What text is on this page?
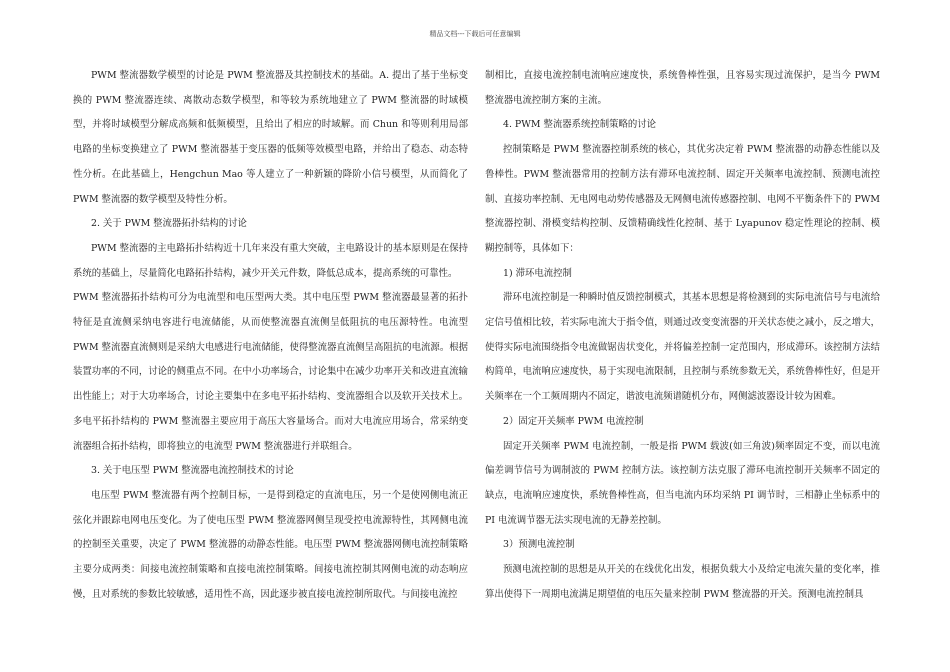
精品文档---下载后可任意编辑

PWM 整流器数学模型的讨论是 PWM 整流器及其控制技术的基础。A. 提出了基于坐标变换的 PWM 整流器连续、离散动态数学模型，和等较为系统地建立了 PWM 整流器的时域模型，并将时域模型分解成高频和低频模型，且给出了相应的时域解。而 Chun 和等则利用局部电路的坐标变换建立了 PWM 整流器基于变压器的低频等效模型电路，并给出了稳态、动态特性分析。在此基础上，Hengchun Mao 等人建立了一种新颖的降阶小信号模型，从而简化了 PWM 整流器的数学模型及特性分析。

2. 关于 PWM 整流器拓扑结构的讨论

PWM 整流器的主电路拓扑结构近十几年来没有重大突破，主电路设计的基本原则是在保持系统的基础上，尽量简化电路拓扑结构，减少开关元件数，降低总成本，提高系统的可靠性。

PWM 整流器拓扑结构可分为电流型和电压型两大类。其中电压型 PWM 整流器最显著的拓扑特征是直流侧采纳电容进行电流储能，从而使整流器直流侧呈低阻抗的电压源特性。电流型 PWM 整流器直流侧则是采纳大电感进行电流储能，使得整流器直流侧呈高阻抗的电流源。根据装置功率的不同，讨论的侧重点不同。在中小功率场合，讨论集中在减少功率开关和改进直流输出性能上；对于大功率场合，讨论主要集中在多电平拓扑结构、变流器组合以及软开关技术上。多电平拓扑结构的 PWM 整流器主要应用于高压大容量场合。而对大电流应用场合，常采纳变流器组合拓扑结构，即将独立的电流型 PWM 整流器进行并联组合。

3. 关于电压型 PWM 整流器电流控制技术的讨论

电压型 PWM 整流器有两个控制目标，一是得到稳定的直流电压，另一个是使网侧电流正弦化并跟踪电网电压变化。为了使电压型 PWM 整流器网侧呈现受控电流源特性，其网侧电流的控制至关重要，决定了 PWM 整流器的动静态性能。电压型 PWM 整流器网侧电流控制策略主要分成两类：间接电流控制策略和直接电流控制策略。间接电流控制其网侧电流的动态响应慢，且对系统的参数比较敏感，适用性不高，因此逐步被直接电流控制所取代。与间接电流控

制相比，直接电流控制电流响应速度快，系统鲁棒性强，且容易实现过流保护，是当今 PWM 整流器电流控制方案的主流。

4. PWM 整流器系统控制策略的讨论

控制策略是 PWM 整流器控制系统的核心，其优劣决定着 PWM 整流器的动静态性能以及鲁棒性。PWM 整流器常用的控制方法有滞环电流控制、固定开关频率电流控制、预测电流控制、直接功率控制、无电网电动势传感器及无网侧电流传感器控制、电网不平衡条件下的 PWM 整流器控制、滑模变结构控制、反馈精确线性化控制、基于 Lyapunov 稳定性理论的控制、模糊控制等，具体如下：

1) 滞环电流控制

滞环电流控制是一种瞬时值反馈控制模式，其基本思想是将检测到的实际电流信号与电流给定信号值相比较，若实际电流大于指令值，则通过改变变流器的开关状态使之减小，反之增大，使得实际电流围绕指令电流做锯齿状变化，并将偏差控制一定范围内，形成滞环。该控制方法结构简单，电流响应速度快，易于实现电流限制，且控制与系统参数无关，系统鲁棒性好，但是开关频率在一个工频周期内不固定，谐波电流频谱随机分布，网侧滤波器设计较为困难。

2）固定开关频率 PWM 电流控制

固定开关频率 PWM 电流控制，一般是指 PWM 载波(如三角波)频率固定不变，而以电流偏差调节信号为调制波的 PWM 控制方法。该控制方法克服了滞环电流控制开关频率不固定的缺点，电流响应速度快，系统鲁棒性高，但当电流内环均采纳 PI 调节时，三相静止坐标系中的 PI 电流调节器无法实现电流的无静差控制。

3）预测电流控制

预测电流控制的思想是从开关的在线优化出发，根据负载大小及给定电流矢量的变化率，推算出使得下一周期电流满足期望值的电压矢量来控制 PWM 整流器的开关。预测电流控制具
